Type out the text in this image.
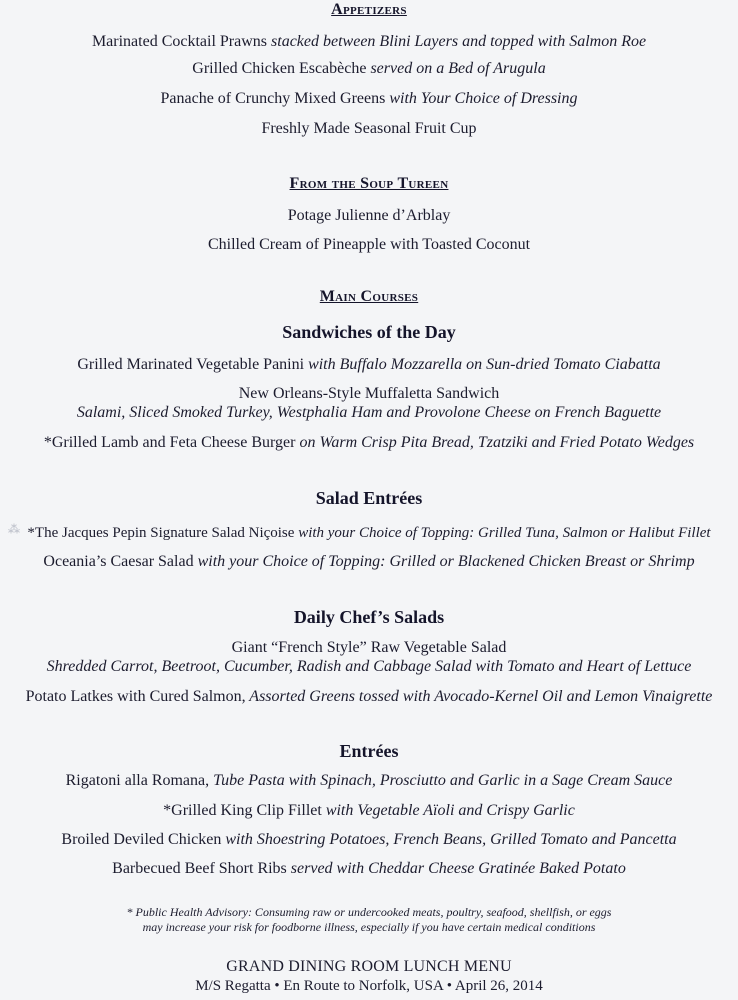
Appetizers
Marinated Cocktail Prawns stacked between Blini Layers and topped with Salmon Roe
Grilled Chicken Escabèche served on a Bed of Arugula
Panache of Crunchy Mixed Greens with Your Choice of Dressing
Freshly Made Seasonal Fruit Cup
From the Soup Tureen
Potage Julienne d’Arblay
Chilled Cream of Pineapple with Toasted Coconut
Main Courses
Sandwiches of the Day
Grilled Marinated Vegetable Panini with Buffalo Mozzarella on Sun-dried Tomato Ciabatta
New Orleans-Style Muffaletta Sandwich
Salami, Sliced Smoked Turkey, Westphalia Ham and Provolone Cheese on French Baguette
*Grilled Lamb and Feta Cheese Burger on Warm Crisp Pita Bread, Tzatziki and Fried Potato Wedges
Salad Entrées
⁂ *The Jacques Pepin Signature Salad Niçoise with your Choice of Topping: Grilled Tuna, Salmon or Halibut Fillet
Oceania’s Caesar Salad with your Choice of Topping: Grilled or Blackened Chicken Breast or Shrimp
Daily Chef’s Salads
Giant “French Style” Raw Vegetable Salad
Shredded Carrot, Beetroot, Cucumber, Radish and Cabbage Salad with Tomato and Heart of Lettuce
Potato Latkes with Cured Salmon, Assorted Greens tossed with Avocado-Kernel Oil and Lemon Vinaigrette
Entrées
Rigatoni alla Romana, Tube Pasta with Spinach, Prosciutto and Garlic in a Sage Cream Sauce
*Grilled King Clip Fillet with Vegetable Aïoli and Crispy Garlic
Broiled Deviled Chicken with Shoestring Potatoes, French Beans, Grilled Tomato and Pancetta
Barbecued Beef Short Ribs served with Cheddar Cheese Gratinée Baked Potato
* Public Health Advisory: Consuming raw or undercooked meats, poultry, seafood, shellfish, or eggs
may increase your risk for foodborne illness, especially if you have certain medical conditions
GRAND DINING ROOM LUNCH MENU
M/S Regatta • En Route to Norfolk, USA • April 26, 2014
